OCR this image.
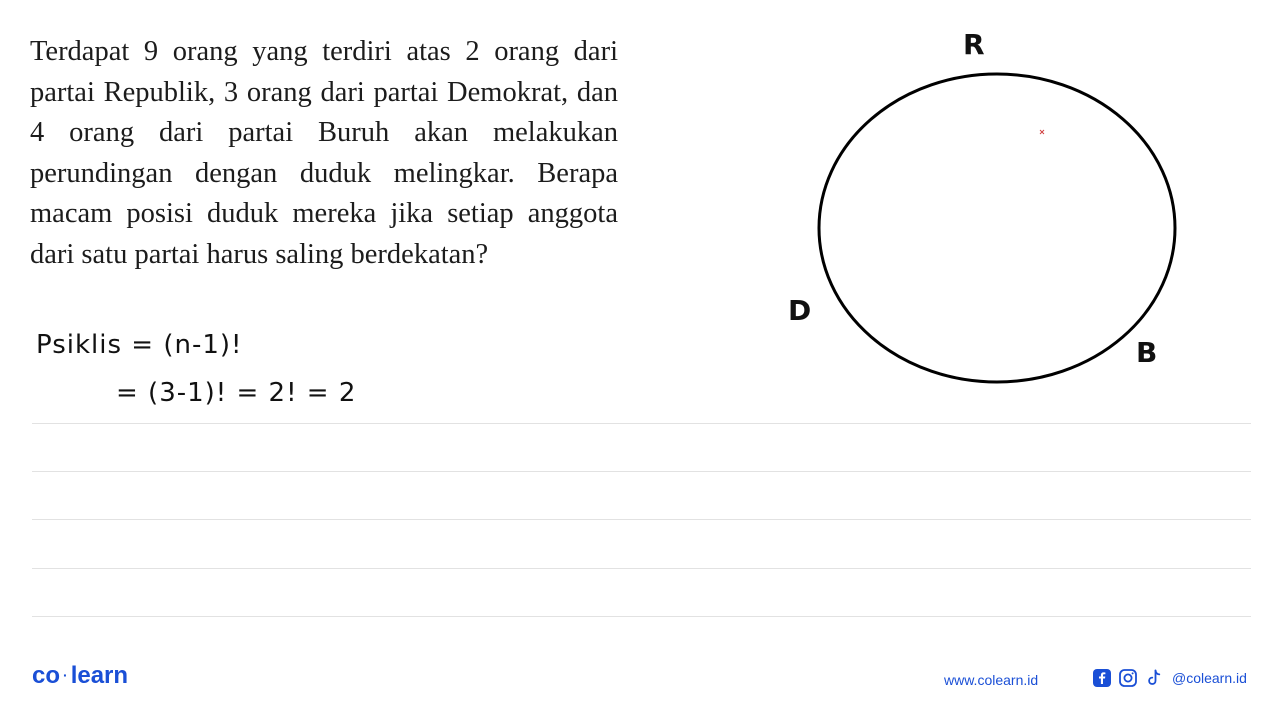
Terdapat 9 orang yang terdiri atas 2 orang dari partai Republik, 3 orang dari partai Demokrat, dan 4 orang dari partai Buruh akan melakukan perundingan dengan duduk melingkar. Berapa macam posisi duduk mereka jika setiap anggota dari satu partai harus saling berdekatan?

Psiklis = (n-1)!
= (3-1)! = 2! = 2
R
D
B
co · learn	www.colearn.id	@colearn.id
